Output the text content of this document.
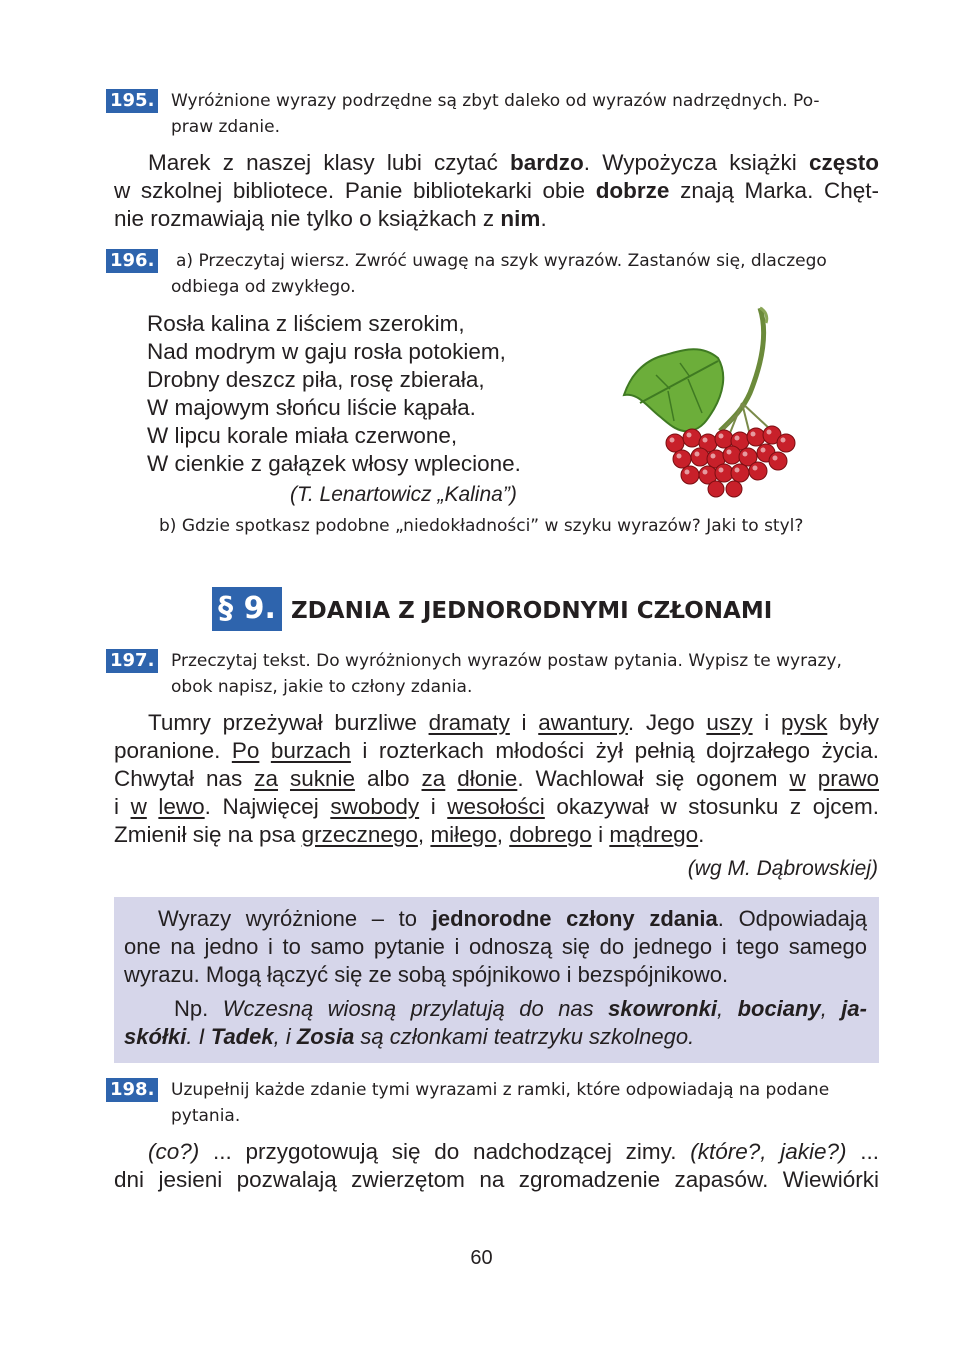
195. Wyróżnione wyrazy podrzędne są zbyt daleko od wyrazów nadrzędnych. Po-
praw zdanie.
Marek z naszej klasy lubi czytać bardzo. Wypożycza książki często
w szkolnej bibliotece. Panie bibliotekarki obie dobrze znają Marka. Chęt-
nie rozmawiają nie tylko o książkach z nim.
196. a) Przeczytaj wiersz. Zwróć uwagę na szyk wyrazów. Zastanów się, dlaczego
odbiega od zwykłego.
Rosła kalina z liściem szerokim,
Nad modrym w gaju rosła potokiem,
Drobny deszcz piła, rosę zbierała,
W majowym słońcu liście kąpała.
W lipcu korale miała czerwone,
W cienkie z gałązek włosy wplecione.
(T. Lenartowicz „Kalina”)
b) Gdzie spotkasz podobne „niedokładności” w szyku wyrazów? Jaki to styl?
§ 9. ZDANIA Z JEDNORODNYMI CZŁONAMI
197. Przeczytaj tekst. Do wyróżnionych wyrazów postaw pytania. Wypisz te wyrazy,
obok napisz, jakie to człony zdania.
Tumry przeżywał burzliwe dramaty i awantury. Jego uszy i pysk były
poranione. Po burzach i rozterkach młodości żył pełnią dojrzałego życia.
Chwytał nas za suknie albo za dłonie. Wachlował się ogonem w prawo
i w lewo. Najwięcej swobody i wesołości okazywał w stosunku z ojcem.
Zmienił się na psa grzecznego, miłego, dobrego i mądrego.
(wg M. Dąbrowskiej)
Wyrazy wyróżnione – to jednorodne człony zdania. Odpowiadają
one na jedno i to samo pytanie i odnoszą się do jednego i tego samego
wyrazu. Mogą łączyć się ze sobą spójnikowo i bezspójnikowo.
Np. Wczesną wiosną przylatują do nas skowronki, bociany, ja-
skółki. I Tadek, i Zosia są członkami teatrzyku szkolnego.
198. Uzupełnij każde zdanie tymi wyrazami z ramki, które odpowiadają na podane
pytania.
(co?) ... przygotowują się do nadchodzącej zimy. (które?, jakie?) ...
dni jesieni pozwalają zwierzętom na zgromadzenie zapasów. Wiewiórki
60
